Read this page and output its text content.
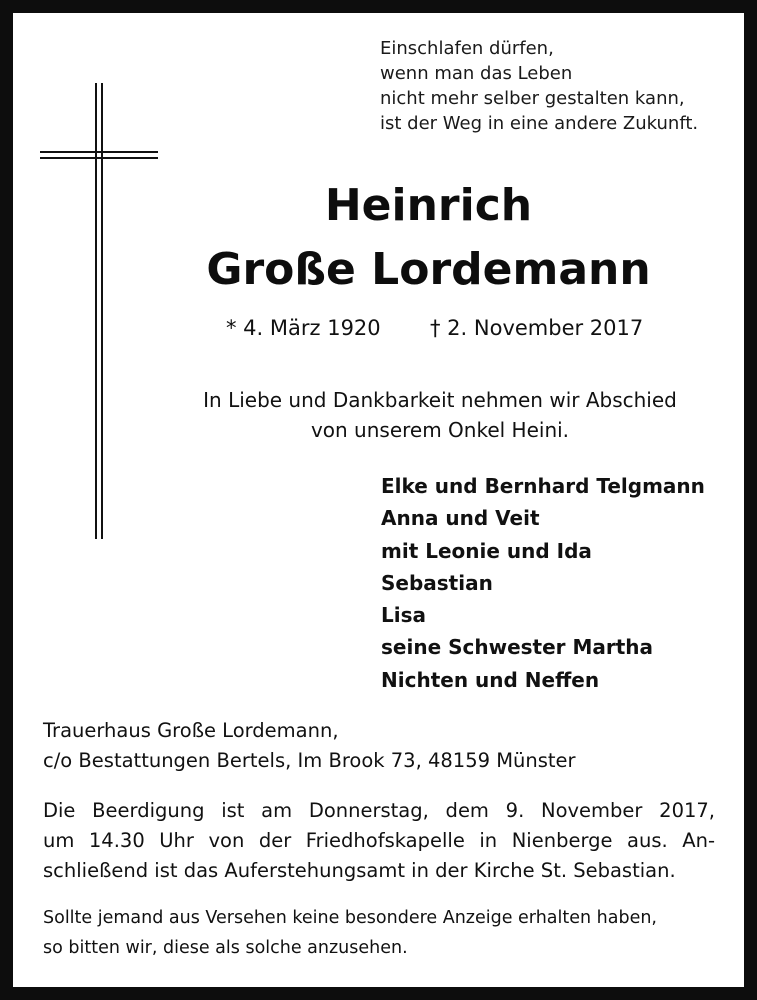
Einschlafen dürfen,
wenn man das Leben
nicht mehr selber gestalten kann,
ist der Weg in eine andere Zukunft.
Heinrich
Große Lordemann
* 4. März 1920 † 2. November 2017
In Liebe und Dankbarkeit nehmen wir Abschied
von unserem Onkel Heini.
Elke und Bernhard Telgmann
Anna und Veit
mit Leonie und Ida
Sebastian
Lisa
seine Schwester Martha
Nichten und Neffen
Trauerhaus Große Lordemann,
c/o Bestattungen Bertels, Im Brook 73, 48159 Münster
Die Beerdigung ist am Donnerstag, dem 9. November 2017,
um 14.30 Uhr von der Friedhofskapelle in Nienberge aus. An-
schließend ist das Auferstehungsamt in der Kirche St. Sebastian.
Sollte jemand aus Versehen keine besondere Anzeige erhalten haben,
so bitten wir, diese als solche anzusehen.
